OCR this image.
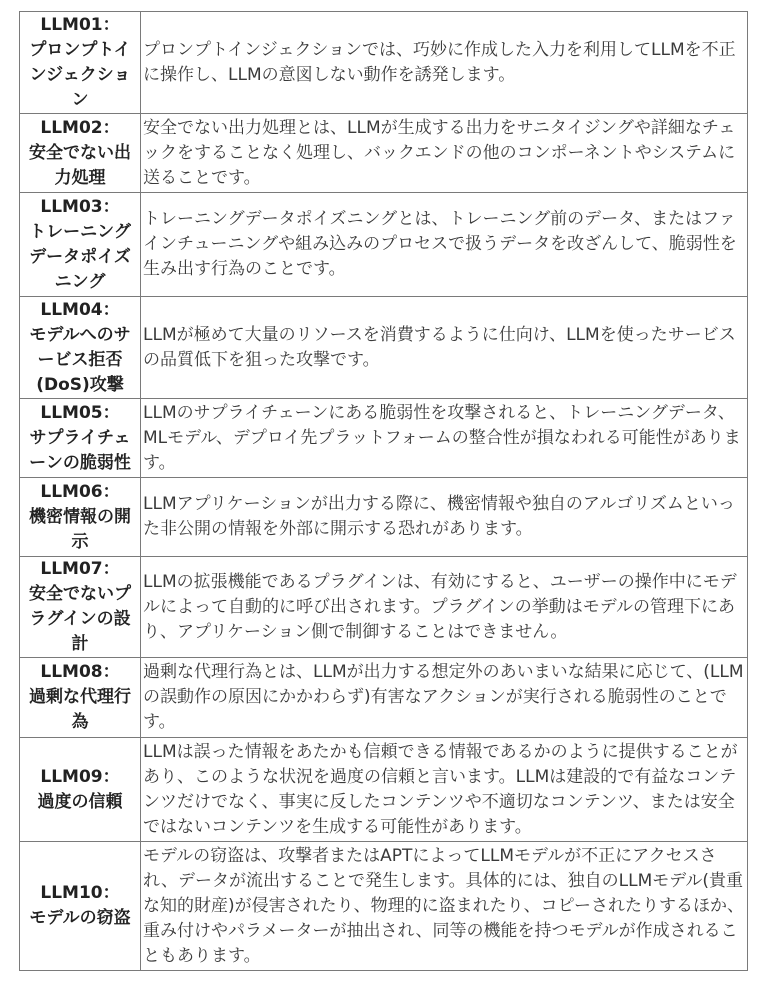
LLM01：
プロンプトインジェクション	プロンプトインジェクションでは、巧妙に作成した入力を利用してLLMを不正に操作し、LLMの意図しない動作を誘発します。

LLM02：
安全でない出力処理	安全でない出力処理とは、LLMが生成する出力をサニタイジングや詳細なチェックをすることなく処理し、バックエンドの他のコンポーネントやシステムに送ることです。

LLM03：
トレーニングデータポイズニング	トレーニングデータポイズニングとは、トレーニング前のデータ、またはファインチューニングや組み込みのプロセスで扱うデータを改ざんして、脆弱性を生み出す行為のことです。

LLM04：
モデルへのサービス拒否(DoS)攻撃	LLMが極めて大量のリソースを消費するように仕向け、LLMを使ったサービスの品質低下を狙った攻撃です。

LLM05：
サプライチェーンの脆弱性	LLMのサプライチェーンにある脆弱性を攻撃されると、トレーニングデータ、MLモデル、デプロイ先プラットフォームの整合性が損なわれる可能性があります。

LLM06：
機密情報の開示	LLMアプリケーションが出力する際に、機密情報や独自のアルゴリズムといった非公開の情報を外部に開示する恐れがあります。

LLM07：
安全でないプラグインの設計	LLMの拡張機能であるプラグインは、有効にすると、ユーザーの操作中にモデルによって自動的に呼び出されます。プラグインの挙動はモデルの管理下にあり、アプリケーション側で制御することはできません。

LLM08：
過剰な代理行為	過剰な代理行為とは、LLMが出力する想定外のあいまいな結果に応じて、(LLMの誤動作の原因にかかわらず)有害なアクションが実行される脆弱性のことです。

LLM09：
過度の信頼	LLMは誤った情報をあたかも信頼できる情報であるかのように提供することがあり、このような状況を過度の信頼と言います。LLMは建設的で有益なコンテンツだけでなく、事実に反したコンテンツや不適切なコンテンツ、または安全ではないコンテンツを生成する可能性があります。

LLM10：
モデルの窃盗	モデルの窃盗は、攻撃者またはAPTによってLLMモデルが不正にアクセスされ、データが流出することで発生します。具体的には、独自のLLMモデル(貴重な知的財産)が侵害されたり、物理的に盗まれたり、コピーされたりするほか、重み付けやパラメーターが抽出され、同等の機能を持つモデルが作成されることもあります。
